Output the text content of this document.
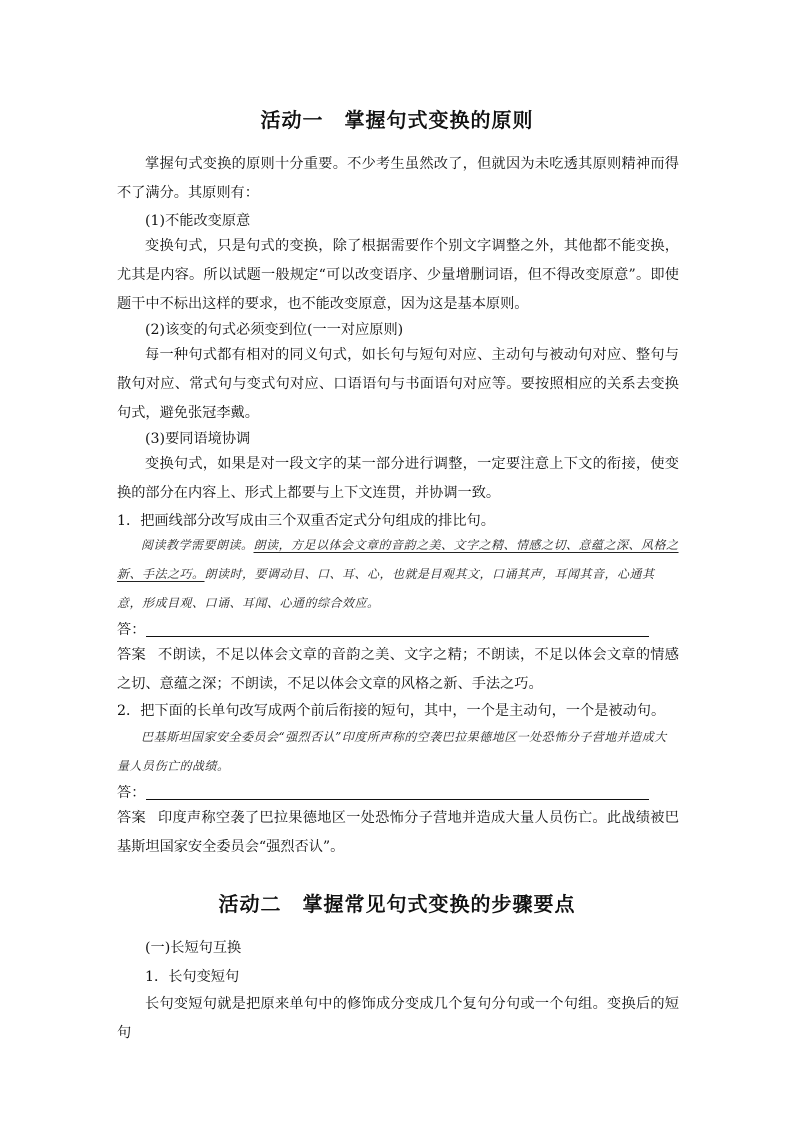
活动一　掌握句式变换的原则

掌握句式变换的原则十分重要。不少考生虽然改了，但就因为未吃透其原则精神而得不了满分。其原则有：

(1)不能改变原意

变换句式，只是句式的变换，除了根据需要作个别文字调整之外，其他都不能变换，尤其是内容。所以试题一般规定“可以改变语序、少量增删词语，但不得改变原意”。即使题干中不标出这样的要求，也不能改变原意，因为这是基本原则。

(2)该变的句式必须变到位(一一对应原则)

每一种句式都有相对的同义句式，如长句与短句对应、主动句与被动句对应、整句与散句对应、常式句与变式句对应、口语语句与书面语句对应等。要按照相应的关系去变换句式，避免张冠李戴。

(3)要同语境协调

变换句式，如果是对一段文字的某一部分进行调整，一定要注意上下文的衔接，使变换的部分在内容上、形式上都要与上下文连贯，并协调一致。

1．把画线部分改写成由三个双重否定式分句组成的排比句。

阅读教学需要朗读。朗读，方足以体会文章的音韵之美、文字之精、情感之切、意蕴之深、风格之新、手法之巧。朗读时，要调动目、口、耳、心，也就是目观其文，口诵其声，耳闻其音，心通其意，形成目观、口诵、耳闻、心通的综合效应。

答：

答案 不朗读，不足以体会文章的音韵之美、文字之精；不朗读，不足以体会文章的情感之切、意蕴之深；不朗读，不足以体会文章的风格之新、手法之巧。

2．把下面的长单句改写成两个前后衔接的短句，其中，一个是主动句，一个是被动句。

巴基斯坦国家安全委员会“强烈否认”印度所声称的空袭巴拉果德地区一处恐怖分子营地并造成大量人员伤亡的战绩。

答：

答案 印度声称空袭了巴拉果德地区一处恐怖分子营地并造成大量人员伤亡。此战绩被巴基斯坦国家安全委员会“强烈否认”。

活动二　掌握常见句式变换的步骤要点

(一)长短句互换

1．长句变短句

长句变短句就是把原来单句中的修饰成分变成几个复句分句或一个句组。变换后的短句
